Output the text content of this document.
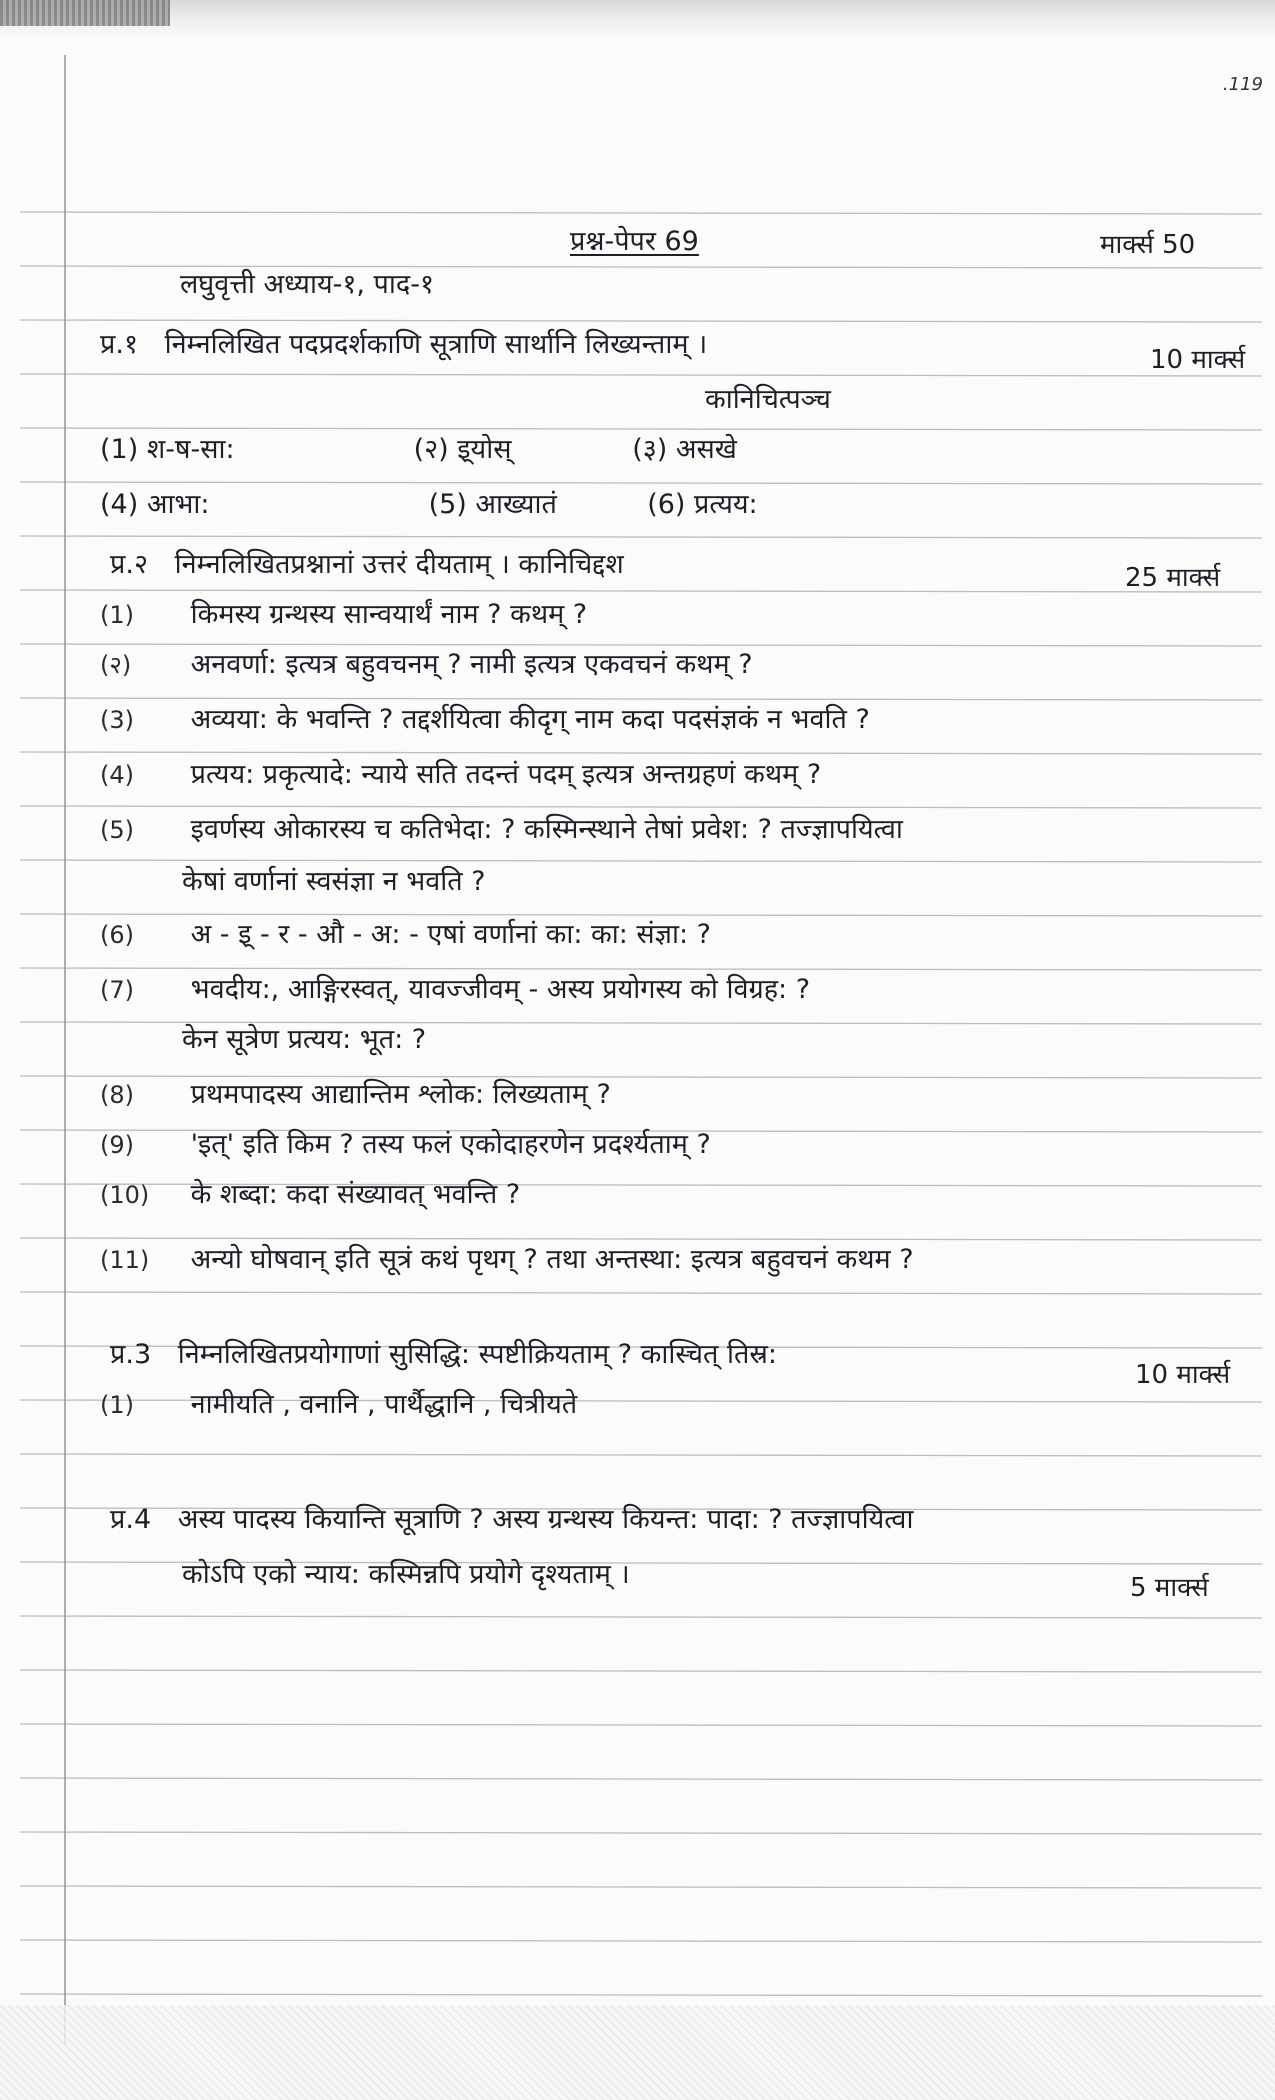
.119
प्रश्न-पेपर 69	मार्क्स 50
लघुवृत्ती अध्याय-१, पाद-१
प्र.१ निम्नलिखित पदप्रदर्शकाणि सूत्राणि सार्थानि लिख्यन्ताम् ।	10 मार्क्स
कानिचित्पञ्च
(1) श-ष-सा:	(२) इ्योस्	(३) असखे
(4) आभा:	(5) आख्यातं	(6) प्रत्यय:
प्र.२ निम्नलिखितप्रश्नानां उत्तरं दीयताम् । कानिचिद्दश	25 मार्क्स
(1) किमस्य ग्रन्थस्य सान्वयार्थं नाम ? कथम् ?
(२) अनवर्णा: इत्यत्र बहुवचनम् ? नामी इत्यत्र एकवचनं कथम् ?
(3) अव्यया: के भवन्ति ? तद्दर्शयित्वा कीदृग् नाम कदा पदसंज्ञकं न भवति ?
(4) प्रत्यय: प्रकृत्यादे: न्याये सति तदन्तं पदम् इत्यत्र अन्तग्रहणं कथम् ?
(5) इवर्णस्य ओकारस्य च कतिभेदा: ? कस्मिन्स्थाने तेषां प्रवेश: ? तज्ज्ञापयित्वा
केषां वर्णानां स्वसंज्ञा न भवति ?
(6) अ - इ् - र - औ - अ: - एषां वर्णानां का: का: संज्ञा: ?
(7) भवदीय:, आङ्गिरस्वत्, यावज्जीवम् - अस्य प्रयोगस्य को विग्रह: ?
केन सूत्रेण प्रत्यय: भूत: ?
(8) प्रथमपादस्य आद्यान्तिम श्लोक: लिख्यताम् ?
(9) 'इत्' इति किम ? तस्य फलं एकोदाहरणेन प्रदर्श्यताम् ?
(10) के शब्दा: कदा संख्यावत् भवन्ति ?
(11) अन्यो घोषवान् इति सूत्रं कथं पृथग् ? तथा अन्तस्था: इत्यत्र बहुवचनं कथम ?
प्र.3 निम्नलिखितप्रयोगाणां सुसिद्धि: स्पष्टीक्रियताम् ? कास्चित् तिस्र:
10 मार्क्स
(1) नामीयति , वनानि , पार्थैद्धानि , चित्रीयते
प्र.4 अस्य पादस्य कियान्ति सूत्राणि ? अस्य ग्रन्थस्य कियन्त: पादा: ? तज्ज्ञापयित्वा
कोऽपि एको न्याय: कस्मिन्नपि प्रयोगे दृश्यताम् ।	5 मार्क्स
